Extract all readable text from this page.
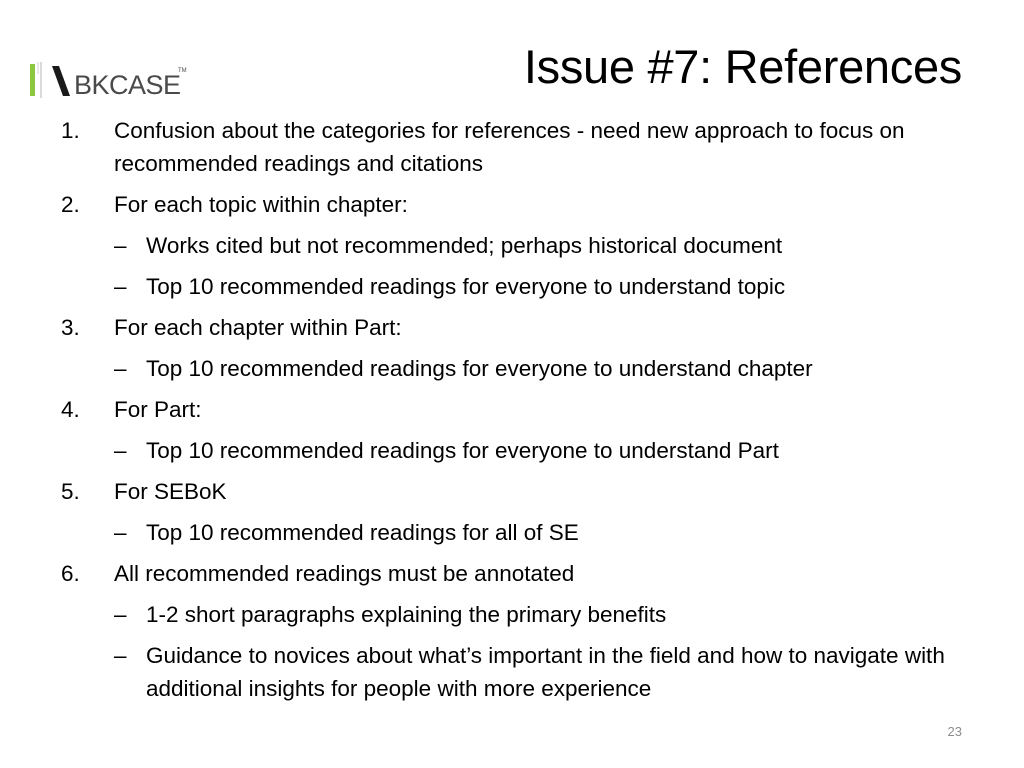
BKCASE
TM	Issue #7: References
1. Confusion about the categories for references - need new approach to focus on recommended readings and citations
2. For each topic within chapter:
– Works cited but not recommended; perhaps historical document
– Top 10 recommended readings for everyone to understand topic
3. For each chapter within Part:
– Top 10 recommended readings for everyone to understand chapter
4. For Part:
– Top 10 recommended readings for everyone to understand Part
5. For SEBoK
– Top 10 recommended readings for all of SE
6. All recommended readings must be annotated
– 1-2 short paragraphs explaining the primary benefits
– Guidance to novices about what’s important in the field and how to navigate with additional insights for people with more experience
23
